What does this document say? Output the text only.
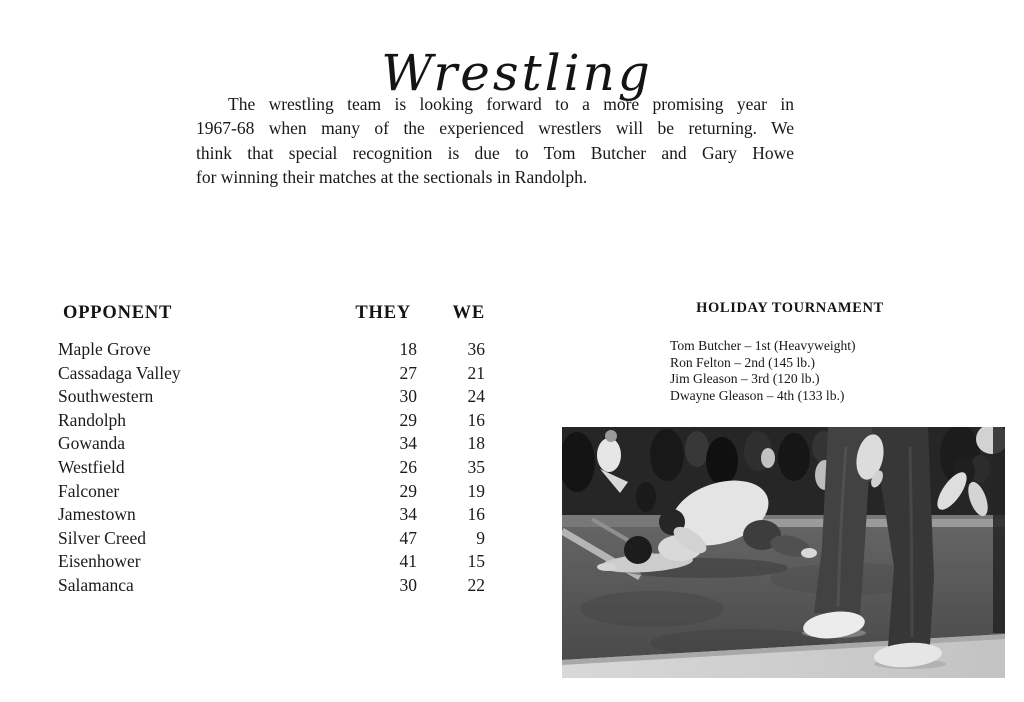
Wrestling
The wrestling team is looking forward to a more promising year in
1967-68 when many of the experienced wrestlers will be returning. We
think that special recognition is due to Tom Butcher and Gary Howe
for winning their matches at the sectionals in Randolph.
OPPONENT	THEY	WE
Maple Grove	18	36
Cassadaga Valley	27	21
Southwestern	30	24
Randolph	29	16
Gowanda	34	18
Westfield	26	35
Falconer	29	19
Jamestown	34	16
Silver Creed	47	9
Eisenhower	41	15
Salamanca	30	22
HOLIDAY TOURNAMENT
Tom Butcher – 1st (Heavyweight)
Ron Felton – 2nd (145 lb.)
Jim Gleason – 3rd (120 lb.)
Dwayne Gleason – 4th (133 lb.)
